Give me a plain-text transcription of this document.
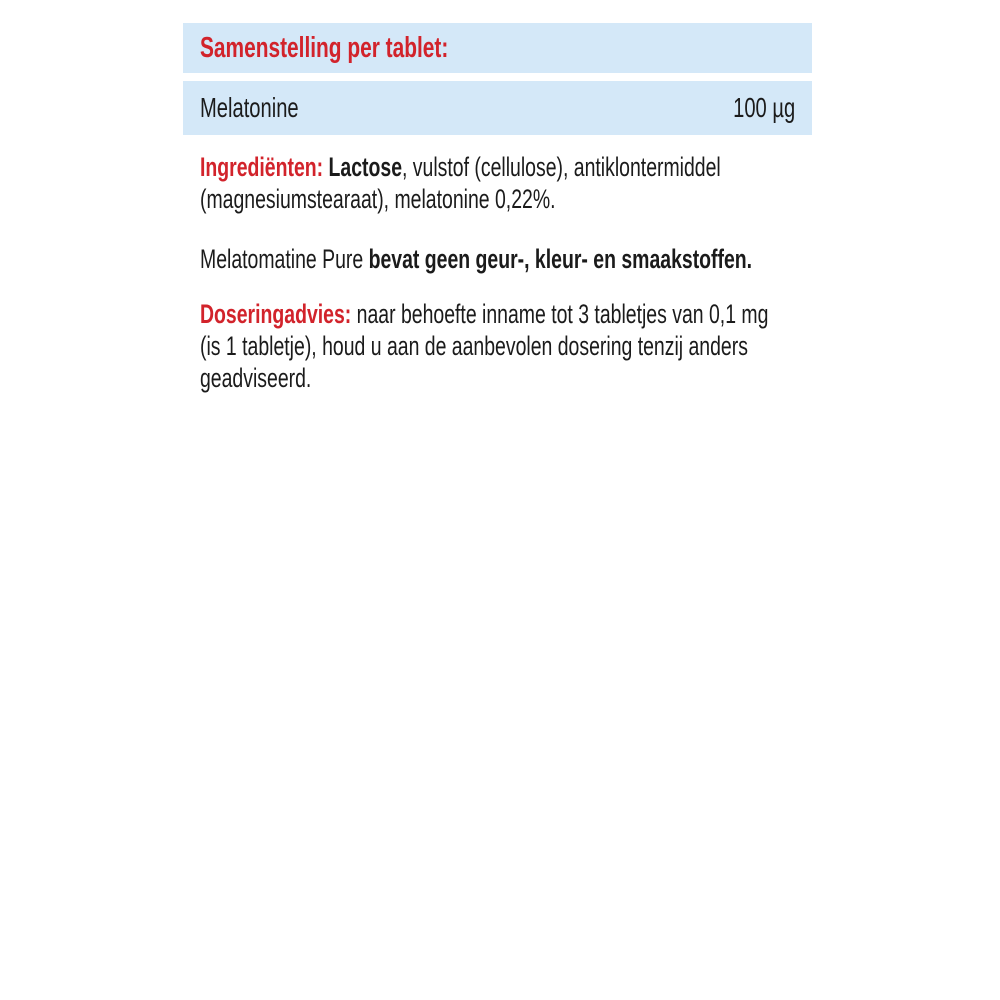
Samenstelling per tablet:
Melatonine	100 µg
Ingrediënten: Lactose, vulstof (cellulose), antiklontermiddel
(magnesiumstearaat), melatonine 0,22%.
Melatomatine Pure bevat geen geur-, kleur- en smaakstoffen.
Doseringadvies: naar behoefte inname tot 3 tabletjes van 0,1 mg
(is 1 tabletje), houd u aan de aanbevolen dosering tenzij anders
geadviseerd.
